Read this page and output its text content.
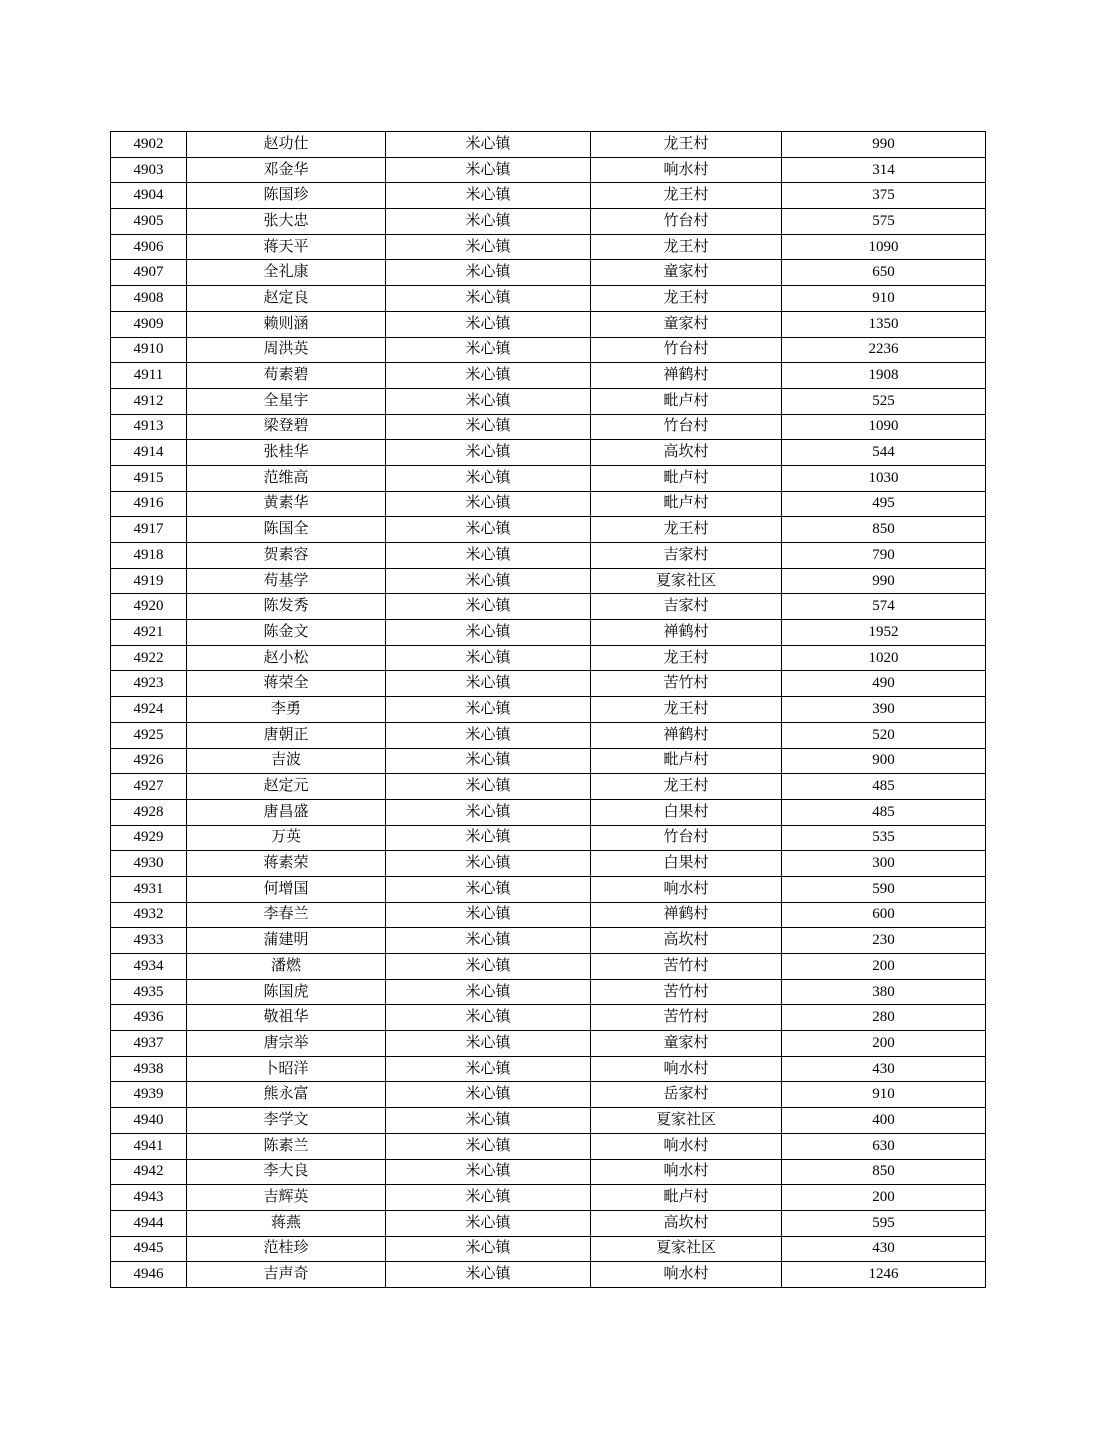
4902	赵功仕	米心镇	龙王村	990
4903	邓金华	米心镇	响水村	314
4904	陈国珍	米心镇	龙王村	375
4905	张大忠	米心镇	竹台村	575
4906	蒋天平	米心镇	龙王村	1090
4907	全礼康	米心镇	童家村	650
4908	赵定良	米心镇	龙王村	910
4909	赖则涵	米心镇	童家村	1350
4910	周洪英	米心镇	竹台村	2236
4911	苟素碧	米心镇	禅鹤村	1908
4912	全星宇	米心镇	毗卢村	525
4913	梁登碧	米心镇	竹台村	1090
4914	张桂华	米心镇	高坎村	544
4915	范维高	米心镇	毗卢村	1030
4916	黄素华	米心镇	毗卢村	495
4917	陈国全	米心镇	龙王村	850
4918	贺素容	米心镇	吉家村	790
4919	苟基学	米心镇	夏家社区	990
4920	陈发秀	米心镇	吉家村	574
4921	陈金文	米心镇	禅鹤村	1952
4922	赵小松	米心镇	龙王村	1020
4923	蒋荣全	米心镇	苦竹村	490
4924	李勇	米心镇	龙王村	390
4925	唐朝正	米心镇	禅鹤村	520
4926	吉波	米心镇	毗卢村	900
4927	赵定元	米心镇	龙王村	485
4928	唐昌盛	米心镇	白果村	485
4929	万英	米心镇	竹台村	535
4930	蒋素荣	米心镇	白果村	300
4931	何增国	米心镇	响水村	590
4932	李春兰	米心镇	禅鹤村	600
4933	蒲建明	米心镇	高坎村	230
4934	潘燃	米心镇	苦竹村	200
4935	陈国虎	米心镇	苦竹村	380
4936	敬祖华	米心镇	苦竹村	280
4937	唐宗举	米心镇	童家村	200
4938	卜昭洋	米心镇	响水村	430
4939	熊永富	米心镇	岳家村	910
4940	李学文	米心镇	夏家社区	400
4941	陈素兰	米心镇	响水村	630
4942	李大良	米心镇	响水村	850
4943	吉辉英	米心镇	毗卢村	200
4944	蒋燕	米心镇	高坎村	595
4945	范桂珍	米心镇	夏家社区	430
4946	吉声奇	米心镇	响水村	1246
